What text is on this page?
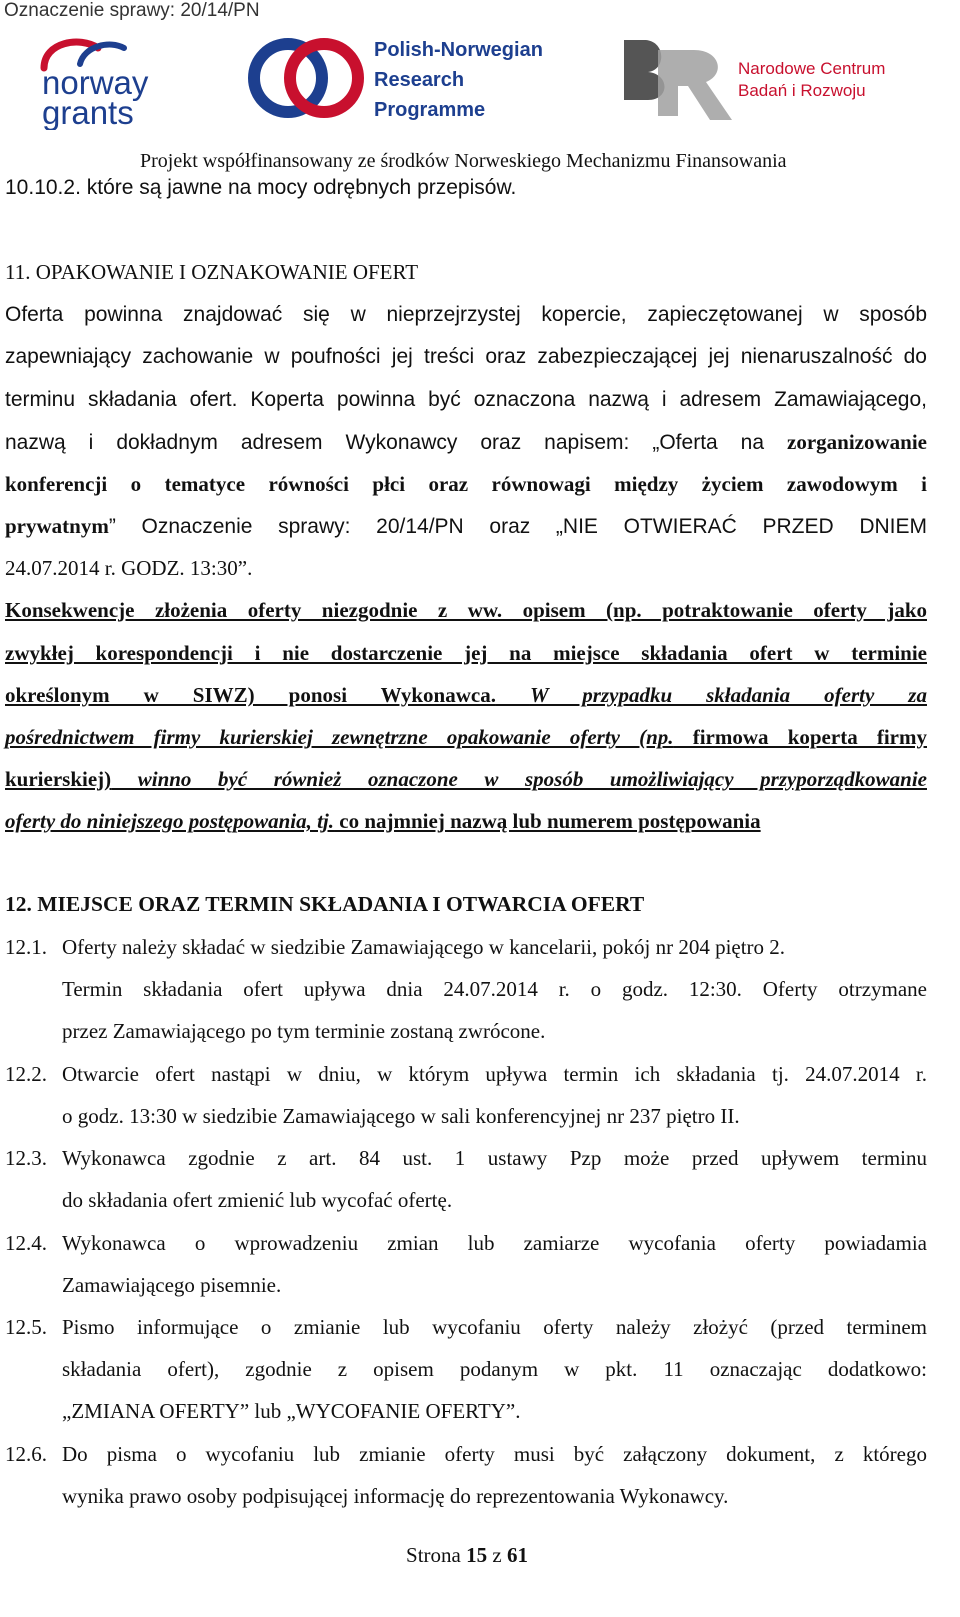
Oznaczenie sprawy: 20/14/PN
norway
grants
Polish-Norwegian
Research
Programme
Narodowe Centrum
Badań i Rozwoju
Projekt współfinansowany ze środków Norweskiego Mechanizmu Finansowania
10.10.2. które są jawne na mocy odrębnych przepisów.
11. OPAKOWANIE I OZNAKOWANIE OFERT
Oferta powinna znajdować się w nieprzejrzystej kopercie, zapieczętowanej w sposób
zapewniający zachowanie w poufności jej treści oraz zabezpieczającej jej nienaruszalność do
terminu składania ofert. Koperta powinna być oznaczona nazwą i adresem Zamawiającego,
nazwą i dokładnym adresem Wykonawcy oraz napisem: „Oferta na zorganizowanie
konferencji o tematyce równości płci oraz równowagi między życiem zawodowym i
prywatnym” Oznaczenie sprawy: 20/14/PN oraz „NIE OTWIERAĆ PRZED DNIEM
24.07.2014 r. GODZ. 13:30”.
Konsekwencje złożenia oferty niezgodnie z ww. opisem (np. potraktowanie oferty jako
zwykłej korespondencji i nie dostarczenie jej na miejsce składania ofert w terminie
określonym w SIWZ) ponosi Wykonawca. W przypadku składania oferty za
pośrednictwem firmy kurierskiej zewnętrzne opakowanie oferty (np. firmowa koperta firmy
kurierskiej) winno być również oznaczone w sposób umożliwiający przyporządkowanie
oferty do niniejszego postępowania, tj. co najmniej nazwą lub numerem postępowania
12. MIEJSCE ORAZ TERMIN SKŁADANIA I OTWARCIA OFERT
12.1. Oferty należy składać w siedzibie Zamawiającego w kancelarii, pokój nr 204 piętro 2.
Termin składania ofert upływa dnia 24.07.2014 r. o godz. 12:30. Oferty otrzymane
przez Zamawiającego po tym terminie zostaną zwrócone.
12.2. Otwarcie ofert nastąpi w dniu, w którym upływa termin ich składania tj. 24.07.2014 r.
o godz. 13:30 w siedzibie Zamawiającego w sali konferencyjnej nr 237 piętro II.
12.3. Wykonawca zgodnie z art. 84 ust. 1 ustawy Pzp może przed upływem terminu
do składania ofert zmienić lub wycofać ofertę.
12.4. Wykonawca o wprowadzeniu zmian lub zamiarze wycofania oferty powiadamia
Zamawiającego pisemnie.
12.5. Pismo informujące o zmianie lub wycofaniu oferty należy złożyć (przed terminem
składania ofert), zgodnie z opisem podanym w pkt. 11 oznaczając dodatkowo:
„ZMIANA OFERTY” lub „WYCOFANIE OFERTY”.
12.6. Do pisma o wycofaniu lub zmianie oferty musi być załączony dokument, z którego
wynika prawo osoby podpisującej informację do reprezentowania Wykonawcy.
Strona 15 z 61
